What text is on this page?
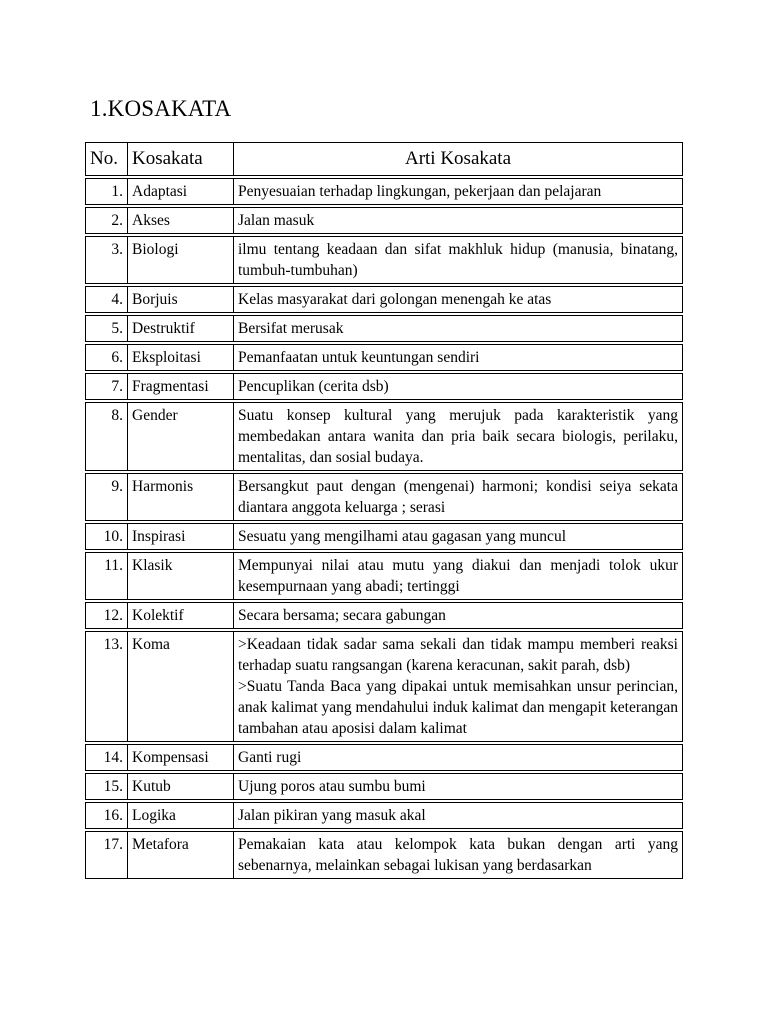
1.KOSAKATA
No.	Kosakata	Arti Kosakata
1.	Adaptasi	Penyesuaian terhadap lingkungan, pekerjaan dan pelajaran

2.	Akses	Jalan masuk

3.	Biologi	ilmu tentang keadaan dan sifat makhluk hidup (manusia, binatang, tumbuh-tumbuhan)

4.	Borjuis	Kelas masyarakat dari golongan menengah ke atas

5.	Destruktif	Bersifat merusak

6.	Eksploitasi	Pemanfaatan untuk keuntungan sendiri

7.	Fragmentasi	Pencuplikan (cerita dsb)

8.	Gender	Suatu konsep kultural yang merujuk pada karakteristik yang membedakan antara wanita dan pria baik secara biologis, perilaku, mentalitas, dan sosial budaya.

9.	Harmonis	Bersangkut paut dengan (mengenai) harmoni; kondisi seiya sekata diantara anggota keluarga ; serasi

10.	Inspirasi	Sesuatu yang mengilhami atau gagasan yang muncul

11.	Klasik	Mempunyai nilai atau mutu yang diakui dan menjadi tolok ukur kesempurnaan yang abadi; tertinggi

12.	Kolektif	Secara bersama; secara gabungan

13.	Koma	>Keadaan tidak sadar sama sekali dan tidak mampu memberi reaksi terhadap suatu rangsangan (karena keracunan, sakit parah, dsb)
>Suatu Tanda Baca yang dipakai untuk memisahkan unsur perincian, anak kalimat yang mendahului induk kalimat dan mengapit keterangan tambahan atau aposisi dalam kalimat

14.	Kompensasi	Ganti rugi

15.	Kutub	Ujung poros atau sumbu bumi

16.	Logika	Jalan pikiran yang masuk akal

17.	Metafora	Pemakaian kata atau kelompok kata bukan dengan arti yang sebenarnya, melainkan sebagai lukisan yang berdasarkan
